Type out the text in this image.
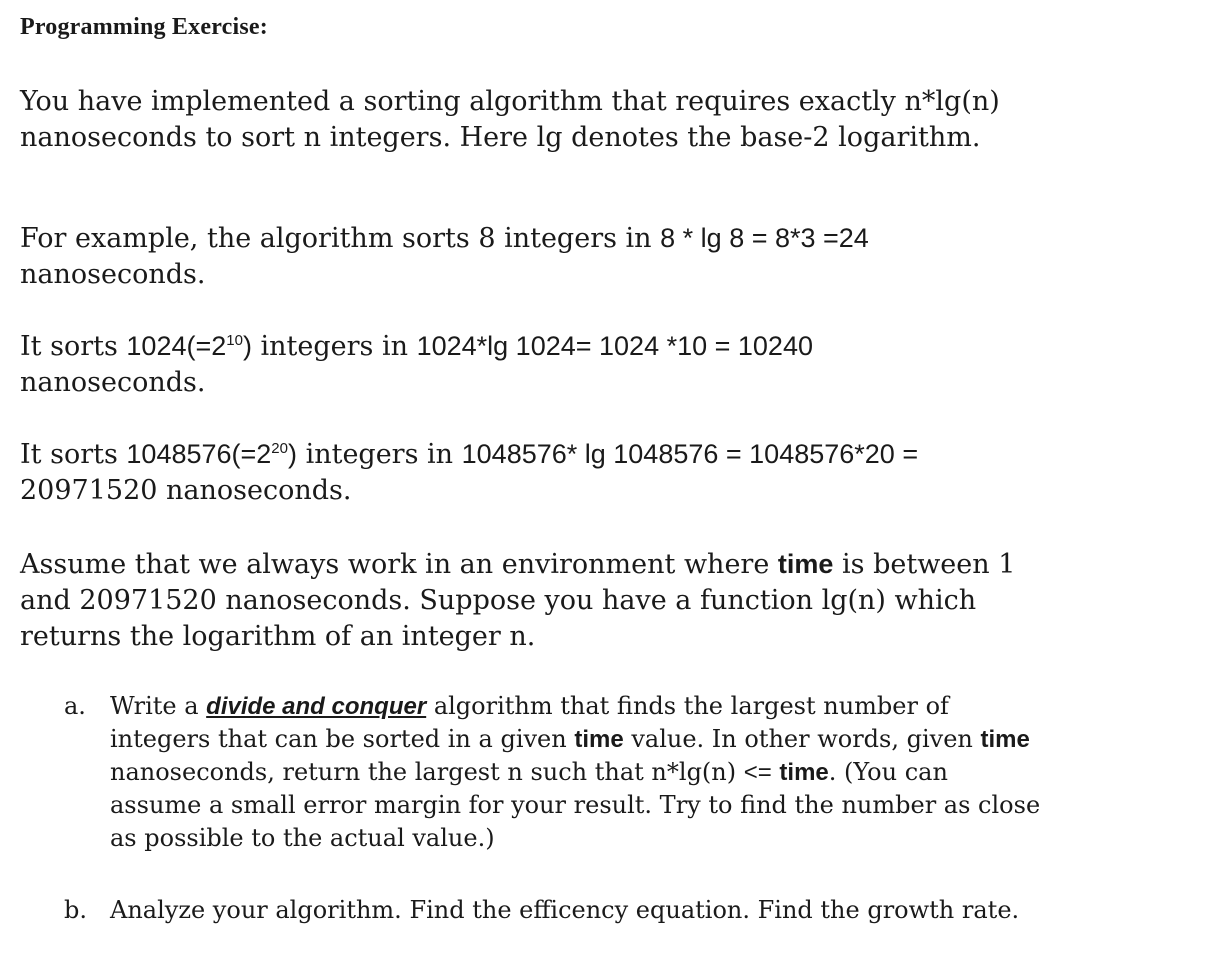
Programming Exercise:
You have implemented a sorting algorithm that requires exactly n*lg(n)
nanoseconds to sort n integers. Here lg denotes the base-2 logarithm.
For example, the algorithm sorts 8 integers in 8 * lg 8 = 8*3 =24
nanoseconds.
It sorts $1024(=2^{10})$ integers in 1024*lg 1024= 1024 *10 = 10240
nanoseconds.
It sorts $1048576(=2^{20})$ integers in 1048576* lg 1048576 = 1048576*20 =
20971520 nanoseconds.
Assume that we always work in an environment where time is between 1
and 20971520 nanoseconds. Suppose you have a function lg(n) which
returns the logarithm of an integer n.
a. Write a divide and conquer algorithm that finds the largest number of
integers that can be sorted in a given time value. In other words, given time
nanoseconds, return the largest n such that n*lg(n) <= time. (You can
assume a small error margin for your result. Try to find the number as close
as possible to the actual value.)
b. Analyze your algorithm. Find the efficency equation. Find the growth rate.
